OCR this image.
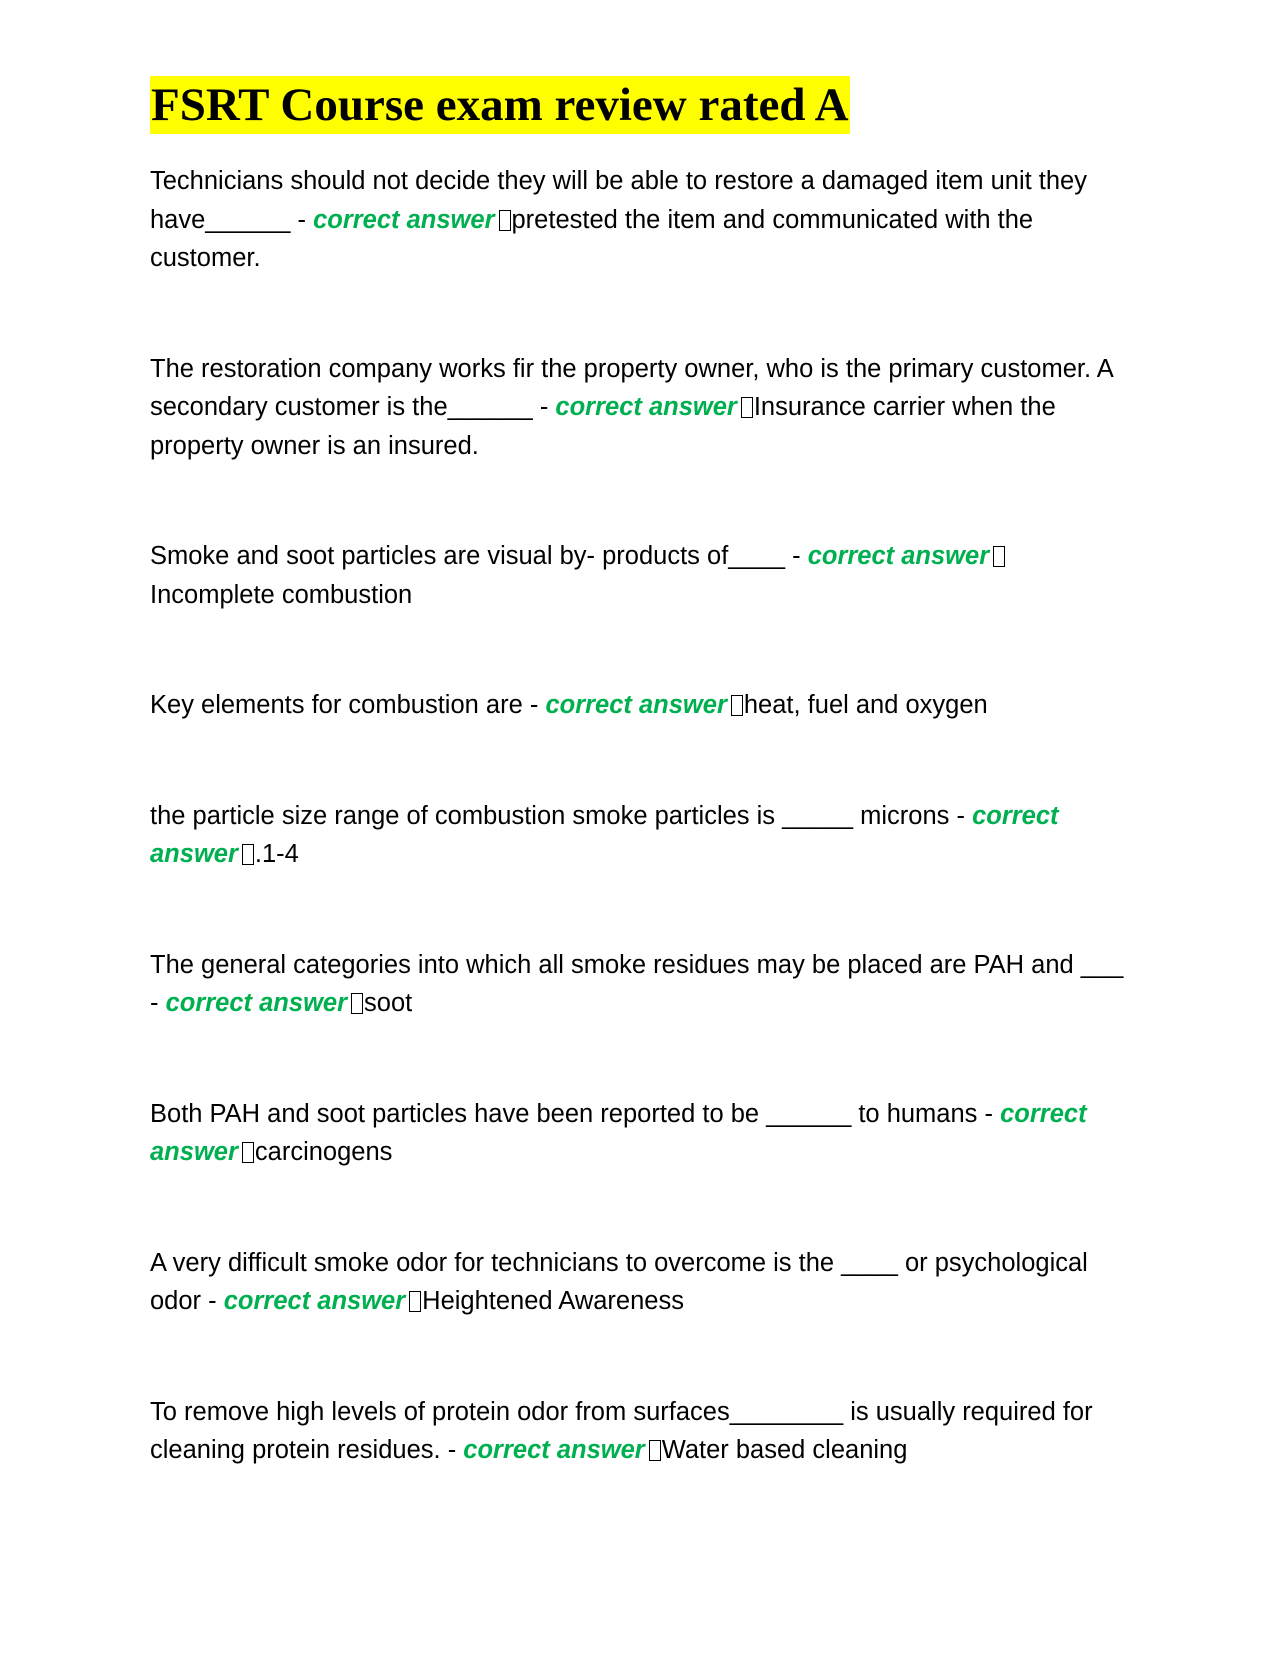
FSRT Course exam review rated A

Technicians should not decide they will be able to restore a damaged item unit they have______ - correct answer pretested the item and communicated with the customer.

The restoration company works fir the property owner, who is the primary customer. A secondary customer is the______ - correct answer Insurance carrier when the property owner is an insured.

Smoke and soot particles are visual by- products of____ - correct answerIncomplete combustion

Key elements for combustion are - correct answer heat, fuel and oxygen

the particle size range of combustion smoke particles is _____ microns - correct answer .1-4

The general categories into which all smoke residues may be placed are PAH and ___ - correct answer soot

Both PAH and soot particles have been reported to be ______ to humans - correct answer carcinogens

A very difficult smoke odor for technicians to overcome is the ____ or psychological odor - correct answer Heightened Awareness

To remove high levels of protein odor from surfaces________ is usually required for cleaning protein residues. - correct answer Water based cleaning
